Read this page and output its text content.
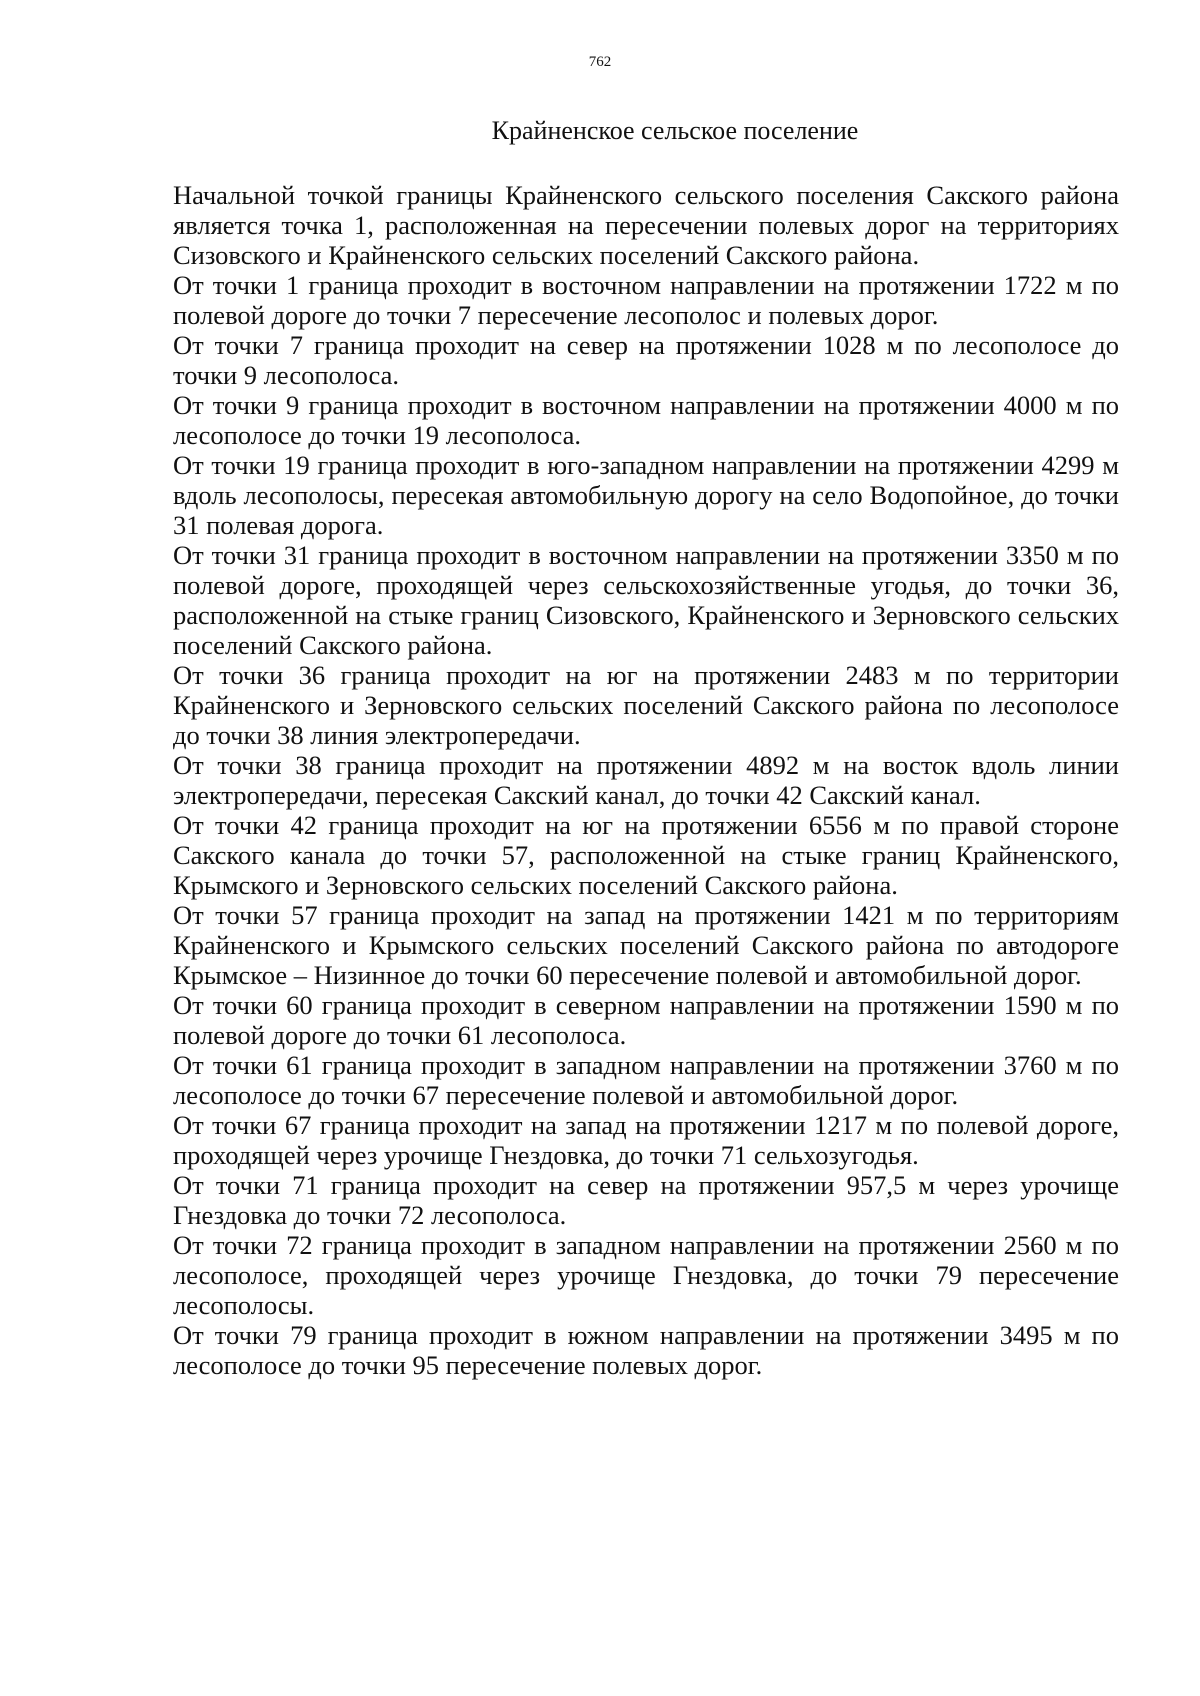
762
Крайненское сельское поселение

Начальной точкой границы Крайненского сельского поселения Сакского района является точка 1, расположенная на пересечении полевых дорог на территориях Сизовского и Крайненского сельских поселений Сакского района.

От точки 1 граница проходит в восточном направлении на протяжении 1722 м по полевой дороге до точки 7 пересечение лесополос и полевых дорог.

От точки 7 граница проходит на север на протяжении 1028 м по лесополосе до точки 9 лесополоса.

От точки 9 граница проходит в восточном направлении на протяжении 4000 м по лесополосе до точки 19 лесополоса.

От точки 19 граница проходит в юго-западном направлении на протяжении 4299 м вдоль лесополосы, пересекая автомобильную дорогу на село Водопойное, до точки 31 полевая дорога.

От точки 31 граница проходит в восточном направлении на протяжении 3350 м по полевой дороге, проходящей через сельскохозяйственные угодья, до точки 36, расположенной на стыке границ Сизовского, Крайненского и Зерновского сельских поселений Сакского района.

От точки 36 граница проходит на юг на протяжении 2483 м по территории Крайненского и Зерновского сельских поселений Сакского района по лесополосе до точки 38 линия электропередачи.

От точки 38 граница проходит на протяжении 4892 м на восток вдоль линии электропередачи, пересекая Сакский канал, до точки 42 Сакский канал.

От точки 42 граница проходит на юг на протяжении 6556 м по правой стороне Сакского канала до точки 57, расположенной на стыке границ Крайненского, Крымского и Зерновского сельских поселений Сакского района.

От точки 57 граница проходит на запад на протяжении 1421 м по территориям Крайненского и Крымского сельских поселений Сакского района по автодороге Крымское – Низинное до точки 60 пересечение полевой и автомобильной дорог.

От точки 60 граница проходит в северном направлении на протяжении 1590 м по полевой дороге до точки 61 лесополоса.

От точки 61 граница проходит в западном направлении на протяжении 3760 м по лесополосе до точки 67 пересечение полевой и автомобильной дорог.

От точки 67 граница проходит на запад на протяжении 1217 м по полевой дороге, проходящей через урочище Гнездовка, до точки 71 сельхозугодья.

От точки 71 граница проходит на север на протяжении 957,5 м через урочище Гнездовка до точки 72 лесополоса.

От точки 72 граница проходит в западном направлении на протяжении 2560 м по лесополосе, проходящей через урочище Гнездовка, до точки 79 пересечение лесополосы.

От точки 79 граница проходит в южном направлении на протяжении 3495 м по лесополосе до точки 95 пересечение полевых дорог.
